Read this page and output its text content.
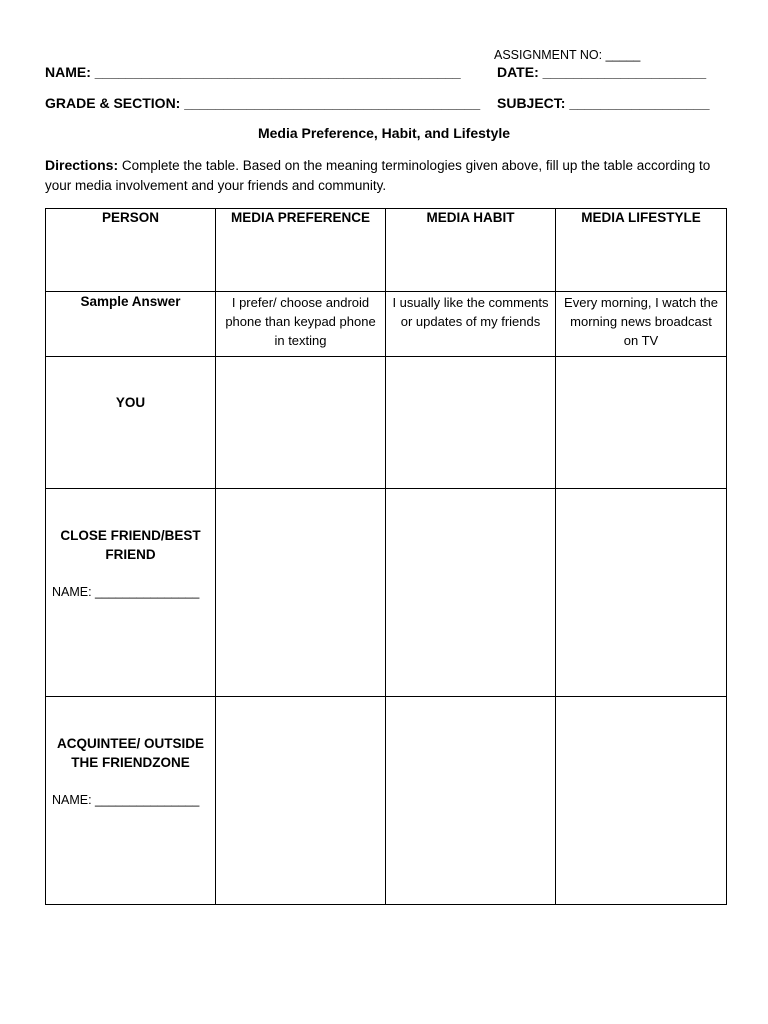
ASSIGNMENT NO: _____
NAME: _______________________________________________	DATE: _____________________
GRADE & SECTION: ______________________________________ SUBJECT: __________________
Media Preference, Habit, and Lifestyle
Directions: Complete the table. Based on the meaning terminologies given above, fill up the table according to your media involvement and your friends and community.
PERSON	MEDIA PREFERENCE	MEDIA HABIT	MEDIA LIFESTYLE

Sample Answer	I prefer/ choose android phone than keypad phone in texting	I usually like the comments or updates of my friends	Every morning, I watch the morning news broadcast on TV

YOU			

CLOSE FRIEND/BEST FRIEND
NAME: _______________			

ACQUINTEE/ OUTSIDE THE FRIENDZONE
NAME: _______________			
